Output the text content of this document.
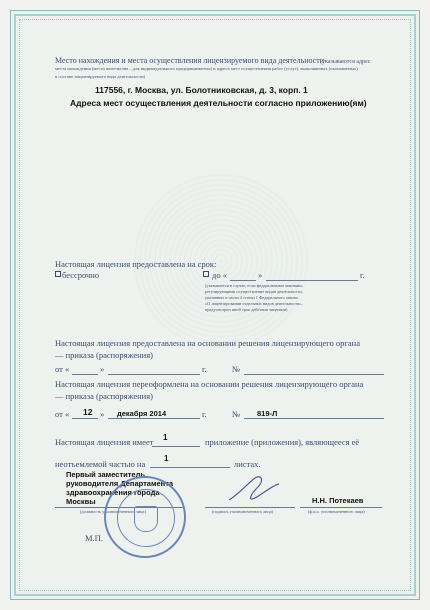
Место нахождения и места осуществления лицензируемого вида деятельности
(указываются адрес
места нахождения (место жительства – для индивидуального предпринимателя) и адреса мест осуществления работ (услуг), выполняемых (оказываемых)
в составе лицензируемого вида деятельности)
117556, г. Москва, ул. Болотниковская, д. 3, корп. 1
Адреса мест осуществления деятельности согласно приложению(ям)
Настоящая лицензия предоставлена на срок:
бессрочно	до «	»	г.
(указывается в случае, если федеральными законами,
регулирующими осуществление видов деятельности,
указанных в части 4 статьи 1 Федерального закона
«О лицензировании отдельных видов деятельности»,
предусмотрен иной срок действия лицензии)
Настоящая лицензия предоставлена на основании решения лицензирующего органа
— приказа (распоряжения)
от «	»	г.	№
Настоящая лицензия переоформлена на основании решения лицензирующего органа
— приказа (распоряжения)
от « 12 » декабря 2014	г.	№ 819-Л
Настоящая лицензия имеет 1	приложение (приложения), являющееся её
неотъемлемой частью на
1
листах.
Первый заместитель
руководителя Департамента
здравоохранения города
Москвы
(должность уполномоченного лица)	(подпись уполномоченного лица)
Н.Н. Потекаев
(ф.и.о. уполномоченного лица)
М.П.
